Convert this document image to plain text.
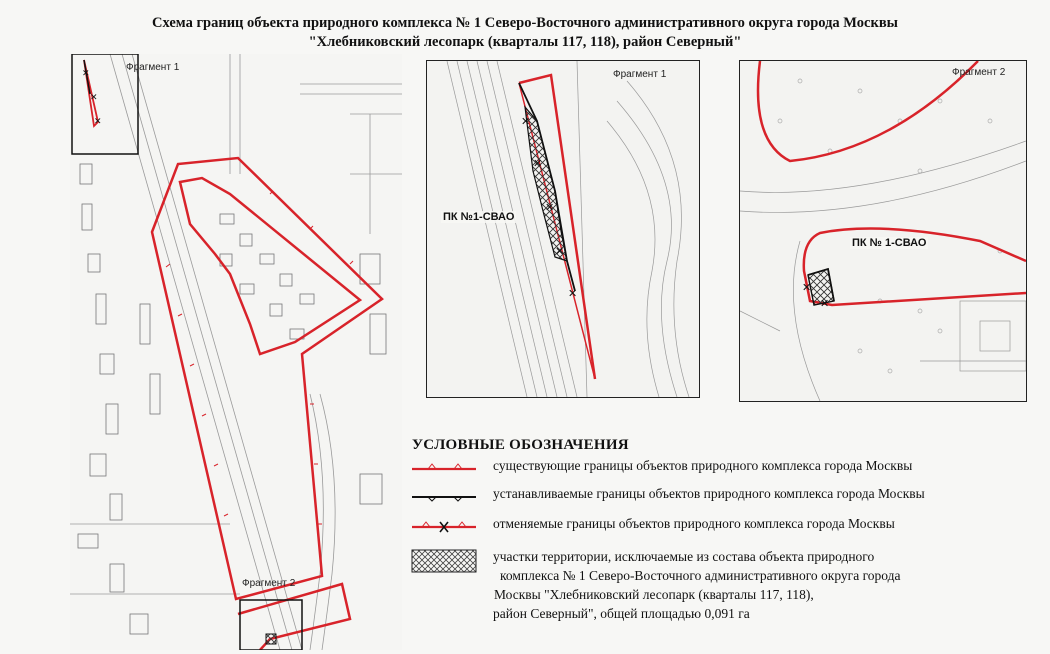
Схема границ объекта природного комплекса № 1 Северо-Восточного административного округа города Москвы
"Хлебниковский лесопарк (кварталы 117, 118), район Северный"
✕
✕
✕
Фрагмент 1
Фрагмент 2
✕
✕
✕
✕
✕
Фрагмент 1
ПК №1-СВАО
✕
✕
Фрагмент 2
ПК № 1-СВАО
УСЛОВНЫЕ ОБОЗНАЧЕНИЯ
существующие границы объектов природного комплекса города Москвы
устанавливаемые границы объектов природного комплекса города Москвы
отменяемые границы объектов природного комплекса города Москвы
участки территории, исключаемые из состава объекта природного
комплекса № 1 Северо-Восточного административного округа города
Москвы "Хлебниковский лесопарк (кварталы 117, 118),
район Северный", общей площадью 0,091 га
